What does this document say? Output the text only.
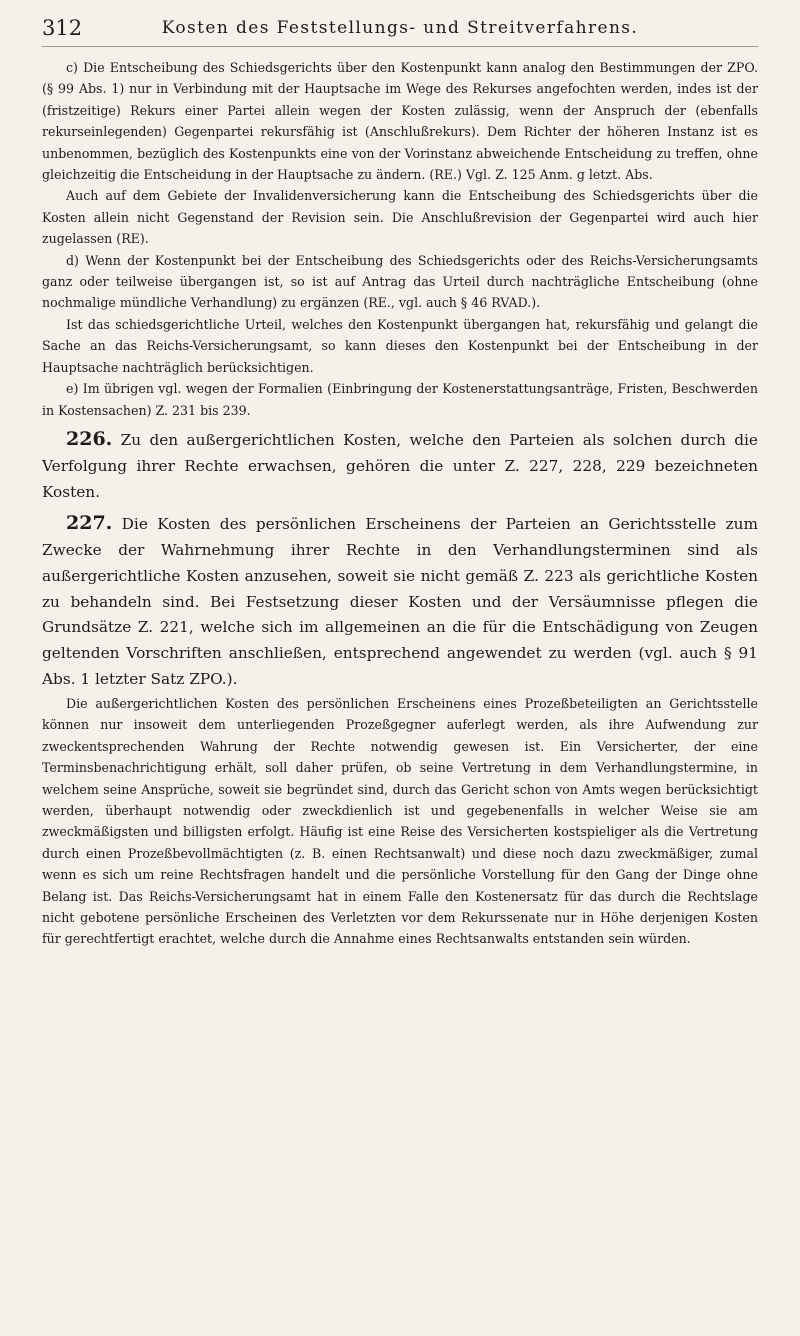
312	Kosten des Feststellungs- und Streitverfahrens.

c) Die Entscheibung des Schiedsgerichts über den Kostenpunkt kann analog den Bestimmungen der ZPO. (§ 99 Abs. 1) nur in Verbindung mit der Hauptsache im Wege des Rekurses angefochten werden, indes ist der (fristzeitige) Rekurs einer Partei allein wegen der Kosten zulässig, wenn der Anspruch der (ebenfalls rekurseinlegenden) Gegenpartei rekursfähig ist (Anschlußrekurs). Dem Richter der höheren Instanz ist es unbenommen, bezüglich des Kostenpunkts eine von der Vorinstanz abweichende Entscheidung zu treffen, ohne gleichzeitig die Entscheidung in der Hauptsache zu ändern. (RE.) Vgl. Z. 125 Anm. g letzt. Abs.

Auch auf dem Gebiete der Invalidenversicherung kann die Entscheibung des Schiedsgerichts über die Kosten allein nicht Gegenstand der Revision sein. Die Anschlußrevision der Gegenpartei wird auch hier zugelassen (RE).

d) Wenn der Kostenpunkt bei der Entscheibung des Schiedsgerichts oder des Reichs-Versicherungsamts ganz oder teilweise übergangen ist, so ist auf Antrag das Urteil durch nachträgliche Entscheibung (ohne nochmalige mündliche Verhandlung) zu ergänzen (RE., vgl. auch § 46 RVAD.).

Ist das schiedsgerichtliche Urteil, welches den Kostenpunkt übergangen hat, rekursfähig und gelangt die Sache an das Reichs-Versicherungsamt, so kann dieses den Kostenpunkt bei der Entscheibung in der Hauptsache nachträglich berücksichtigen.

e) Im übrigen vgl. wegen der Formalien (Einbringung der Kostenerstattungsanträge, Fristen, Beschwerden in Kostensachen) Z. 231 bis 239.

226. Zu den außergerichtlichen Kosten, welche den Parteien als solchen durch die Verfolgung ihrer Rechte erwachsen, gehören die unter Z. 227, 228, 229 bezeichneten Kosten.

227. Die Kosten des persönlichen Erscheinens der Parteien an Gerichtsstelle zum Zwecke der Wahrnehmung ihrer Rechte in den Verhandlungsterminen sind als außergerichtliche Kosten anzusehen, soweit sie nicht gemäß Z. 223 als gerichtliche Kosten zu behandeln sind. Bei Festsetzung dieser Kosten und der Versäumnisse pflegen die Grundsätze Z. 221, welche sich im allgemeinen an die für die Entschädigung von Zeugen geltenden Vorschriften anschließen, entsprechend angewendet zu werden (vgl. auch § 91 Abs. 1 letzter Satz ZPO.).

Die außergerichtlichen Kosten des persönlichen Erscheinens eines Prozeßbeteiligten an Gerichtsstelle können nur insoweit dem unterliegenden Prozeßgegner auferlegt werden, als ihre Aufwendung zur zweckentsprechenden Wahrung der Rechte notwendig gewesen ist. Ein Versicherter, der eine Terminsbenachrichtigung erhält, soll daher prüfen, ob seine Vertretung in dem Verhandlungstermine, in welchem seine Ansprüche, soweit sie begründet sind, durch das Gericht schon von Amts wegen berücksichtigt werden, überhaupt notwendig oder zweckdienlich ist und gegebenenfalls in welcher Weise sie am zweckmäßigsten und billigsten erfolgt. Häufig ist eine Reise des Versicherten kostspieliger als die Vertretung durch einen Prozeßbevollmächtigten (z. B. einen Rechtsanwalt) und diese noch dazu zweckmäßiger, zumal wenn es sich um reine Rechtsfragen handelt und die persönliche Vorstellung für den Gang der Dinge ohne Belang ist. Das Reichs-Versicherungsamt hat in einem Falle den Kostenersatz für das durch die Rechtslage nicht gebotene persönliche Erscheinen des Verletzten vor dem Rekurssenate nur in Höhe derjenigen Kosten für gerechtfertigt erachtet, welche durch die Annahme eines Rechtsanwalts entstanden sein würden.
